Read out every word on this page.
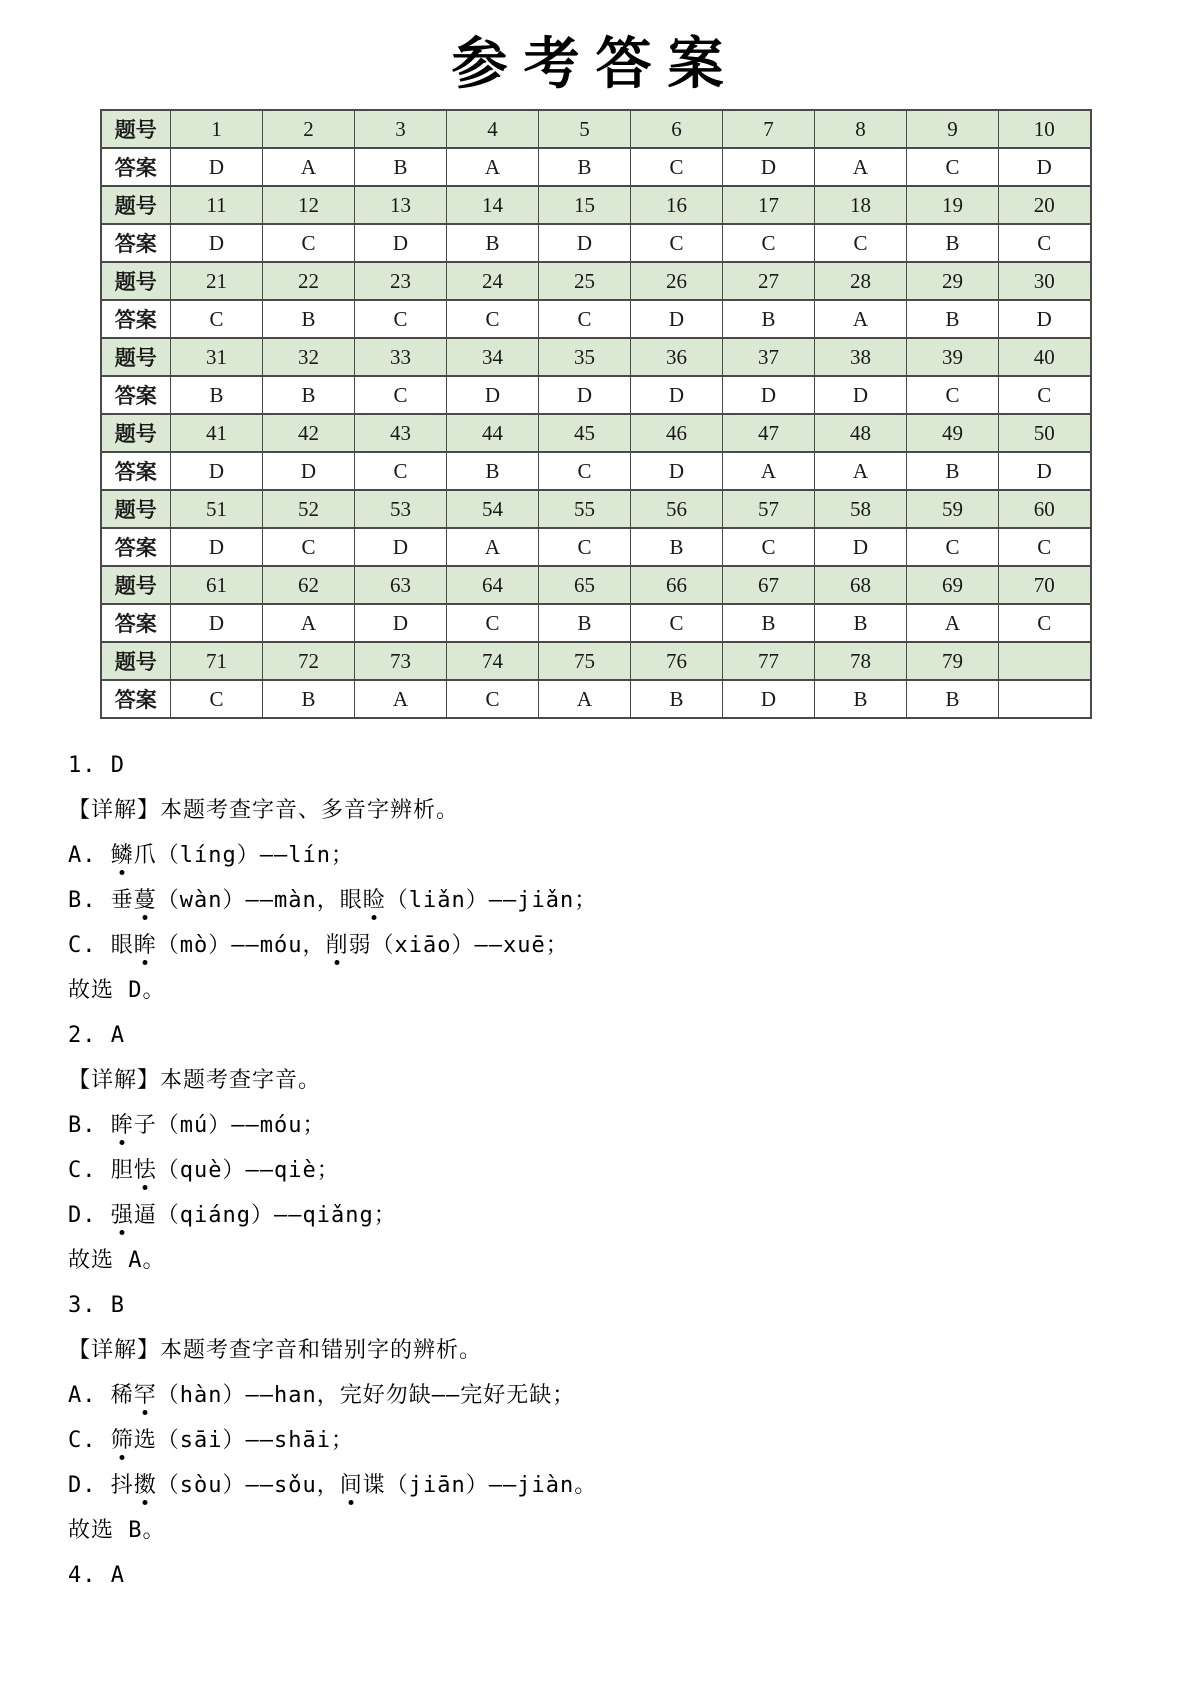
参考答案
题号	1	2	3	4	5	6	7	8	9	10
答案	D	A	B	A	B	C	D	A	C	D
题号	11	12	13	14	15	16	17	18	19	20
答案	D	C	D	B	D	C	C	C	B	C
题号	21	22	23	24	25	26	27	28	29	30
答案	C	B	C	C	C	D	B	A	B	D
题号	31	32	33	34	35	36	37	38	39	40
答案	B	B	C	D	D	D	D	D	C	C
题号	41	42	43	44	45	46	47	48	49	50
答案	D	D	C	B	C	D	A	A	B	D
题号	51	52	53	54	55	56	57	58	59	60
答案	D	C	D	A	C	B	C	D	C	C
题号	61	62	63	64	65	66	67	68	69	70
答案	D	A	D	C	B	C	B	B	A	C
题号	71	72	73	74	75	76	77	78	79	
答案	C	B	A	C	A	B	D	B	B	

1. D

【详解】本题考查字音、多音字辨析。

A. 鳞爪（líng）——lín；

B. 垂蔓（wàn）——màn，眼睑（liǎn）——jiǎn；

C. 眼眸（mò）——móu，削弱（xiāo）——xuē；

故选 D。

2. A

【详解】本题考查字音。

B. 眸子（mú）——móu；

C. 胆怯（què）——qiè；

D. 强逼（qiáng）——qiǎng；

故选 A。

3. B

【详解】本题考查字音和错别字的辨析。

A. 稀罕（hàn）——han，完好勿缺——完好无缺；

C. 筛选（sāi）——shāi；

D. 抖擞（sòu）——sǒu，间谍（jiān）——jiàn。

故选 B。

4. A
